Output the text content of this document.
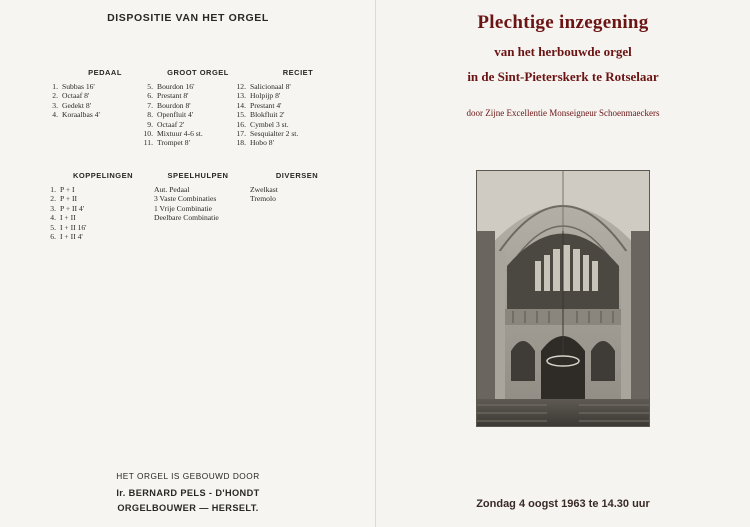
DISPOSITIE VAN HET ORGEL
PEDAAL
1. Subbas 16'
2. Octaaf 8'
3. Gedekt 8'
4. Koraalbas 4'
GROOT ORGEL
5. Bourdon 16'
6. Prestant 8'
7. Bourdon 8'
8. Openfluit 4'
9. Octaaf 2'
10. Mixtuur 4-6 st.
11. Trompet 8'
RECIET
12. Salicionaal 8'
13. Holpijp 8'
14. Prestant 4'
15. Blokfluit 2'
16. Cymbel 3 st.
17. Sesquialter 2 st.
18. Hobo 8'
KOPPELINGEN
1. P + I
2. P + II
3. P + II 4'
4. I + II
5. I + II 16'
6. I + II 4'
SPEELHULPEN
Aut. Pedaal
3 Vaste Combinaties
1 Vrije Combinatie
Deelbare Combinatie
DIVERSEN
Zwelkast
Tremolo
HET ORGEL IS GEBOUWD DOOR
Ir. BERNARD PELS - D'HONDT
ORGELBOUWER — HERSELT.
Plechtige inzegening
van het herbouwde orgel
in de Sint-Pieterskerk te Rotselaar
door Zijne Excellentie Monseigneur Schoenmaeckers
Zondag 4 oogst 1963 te 14.30 uur
